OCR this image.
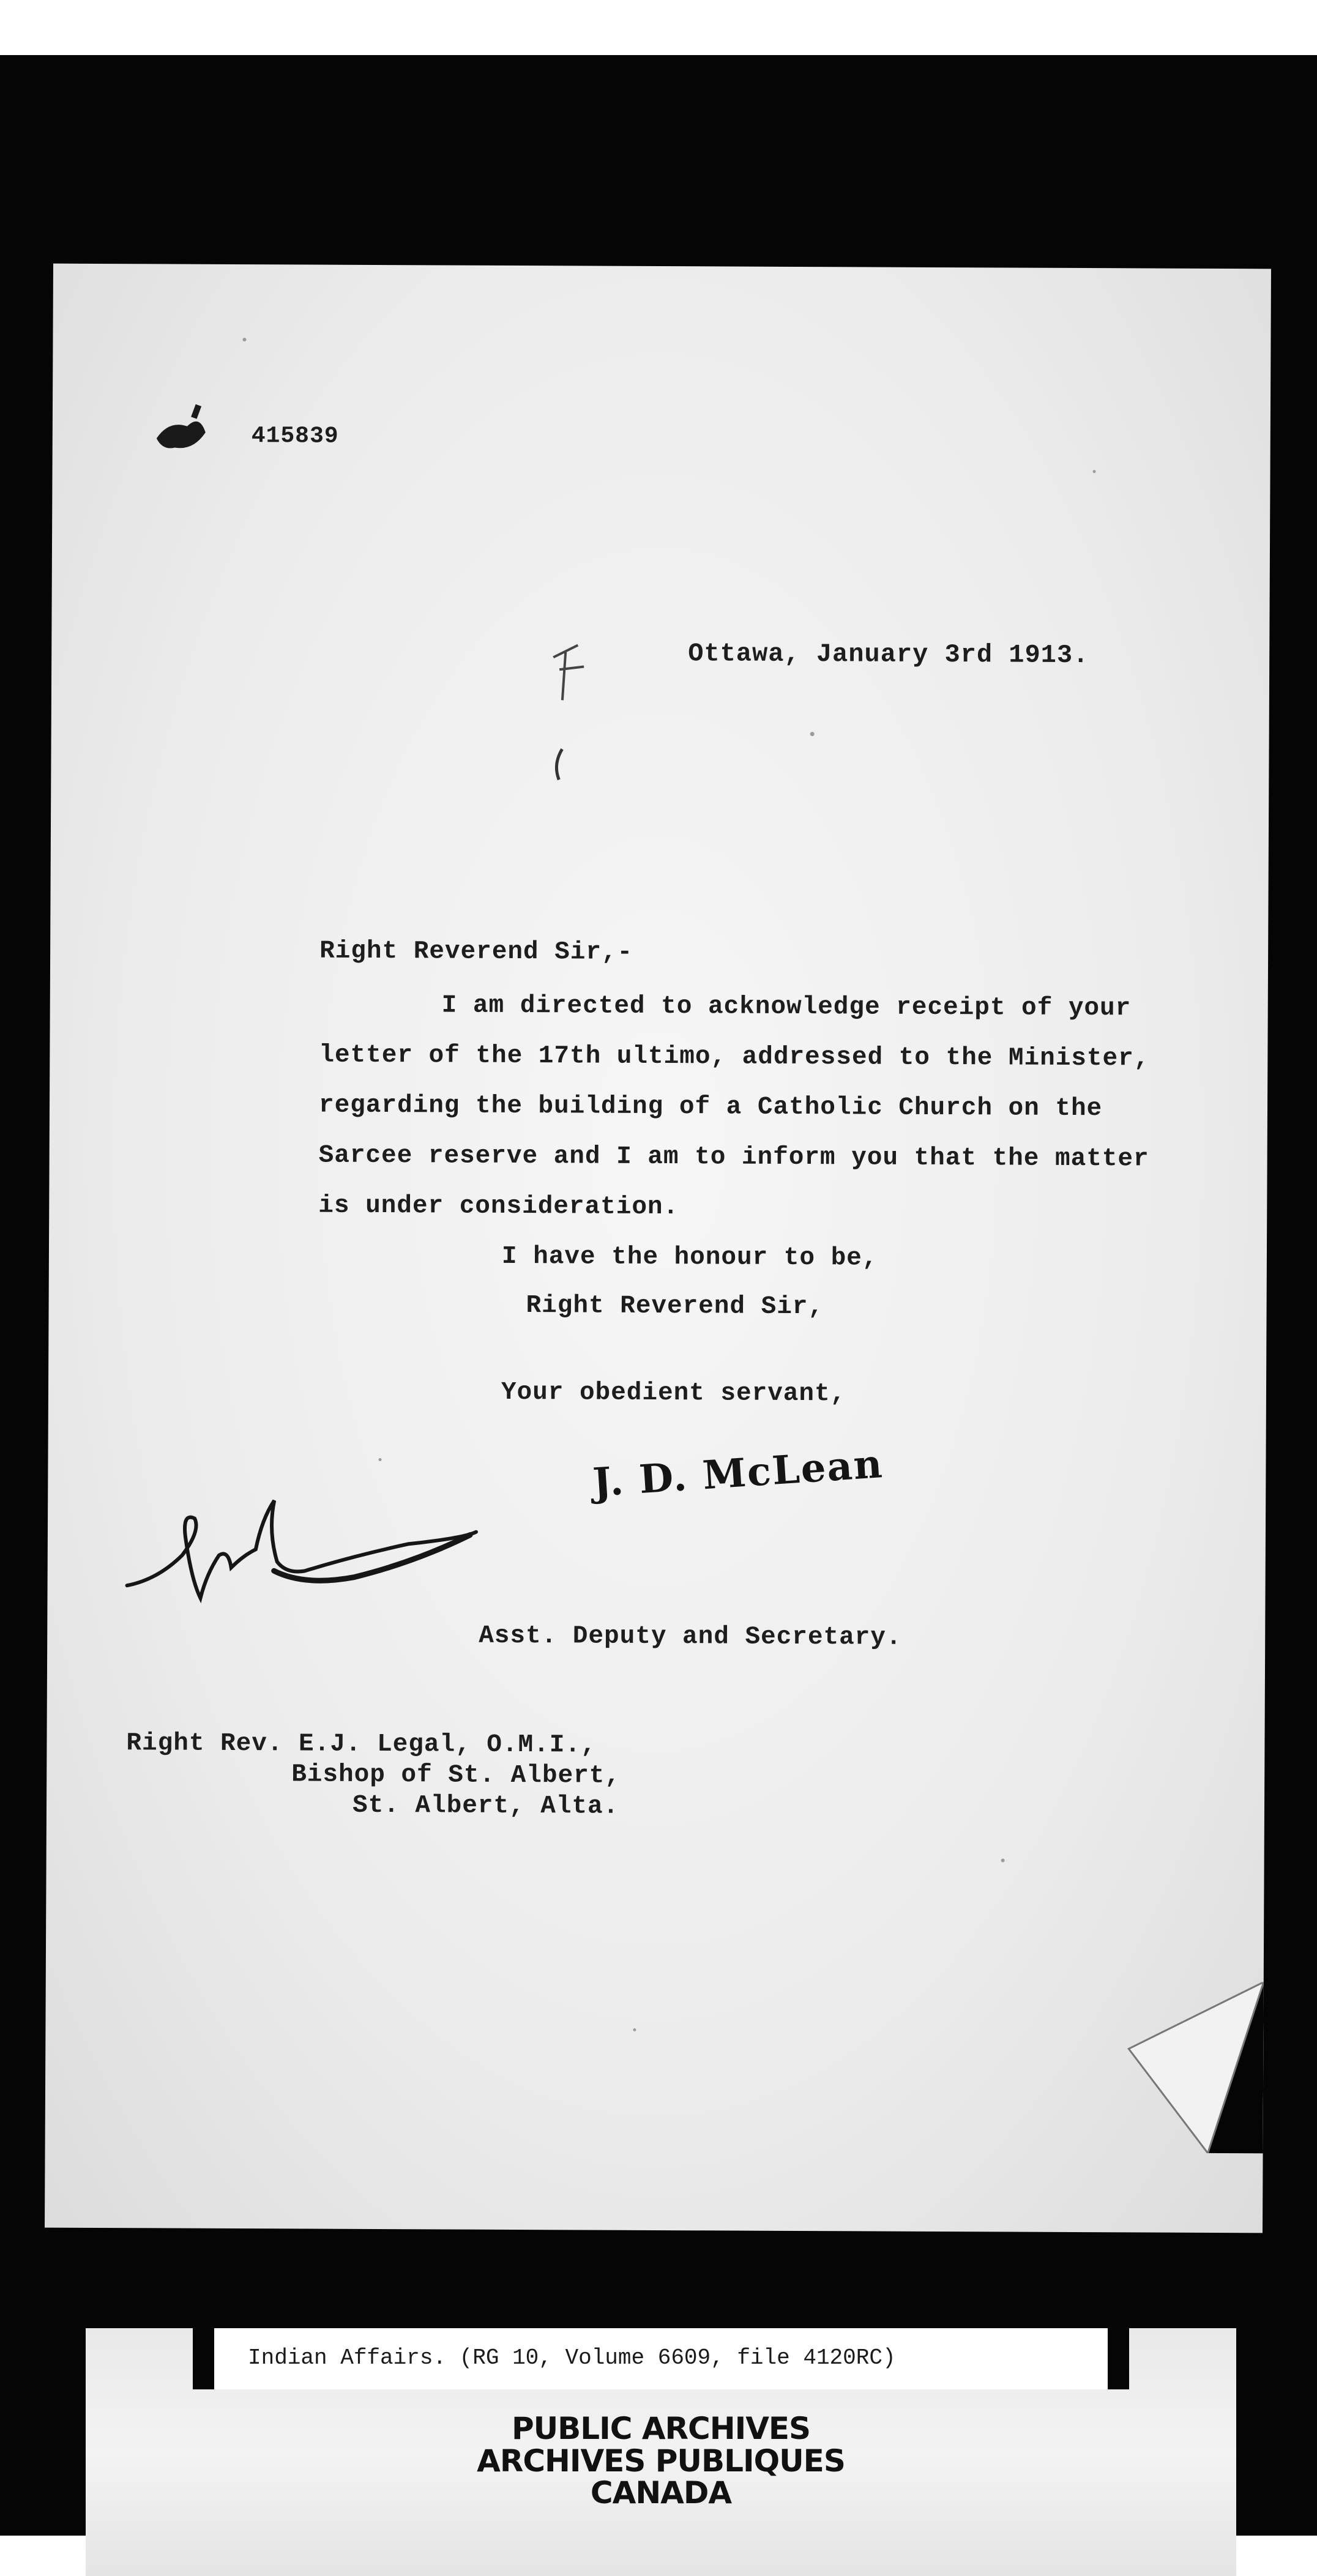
415839
Ottawa, January 3rd 1913.
Right Reverend Sir,-
I am directed to acknowledge receipt of your
letter of the 17th ultimo, addressed to the Minister,
regarding the building of a Catholic Church on the
Sarcee reserve and I am to inform you that the matter
is under consideration.
I have the honour to be,
Right Reverend Sir,
Your obedient servant,
J. D. McLean
Asst. Deputy and Secretary.
Right Rev. E.J. Legal, O.M.I.,
Bishop of St. Albert,
St. Albert, Alta.
Indian Affairs. (RG 10, Volume 6609, file 4120RC)
PUBLIC ARCHIVES
ARCHIVES PUBLIQUES
CANADA
